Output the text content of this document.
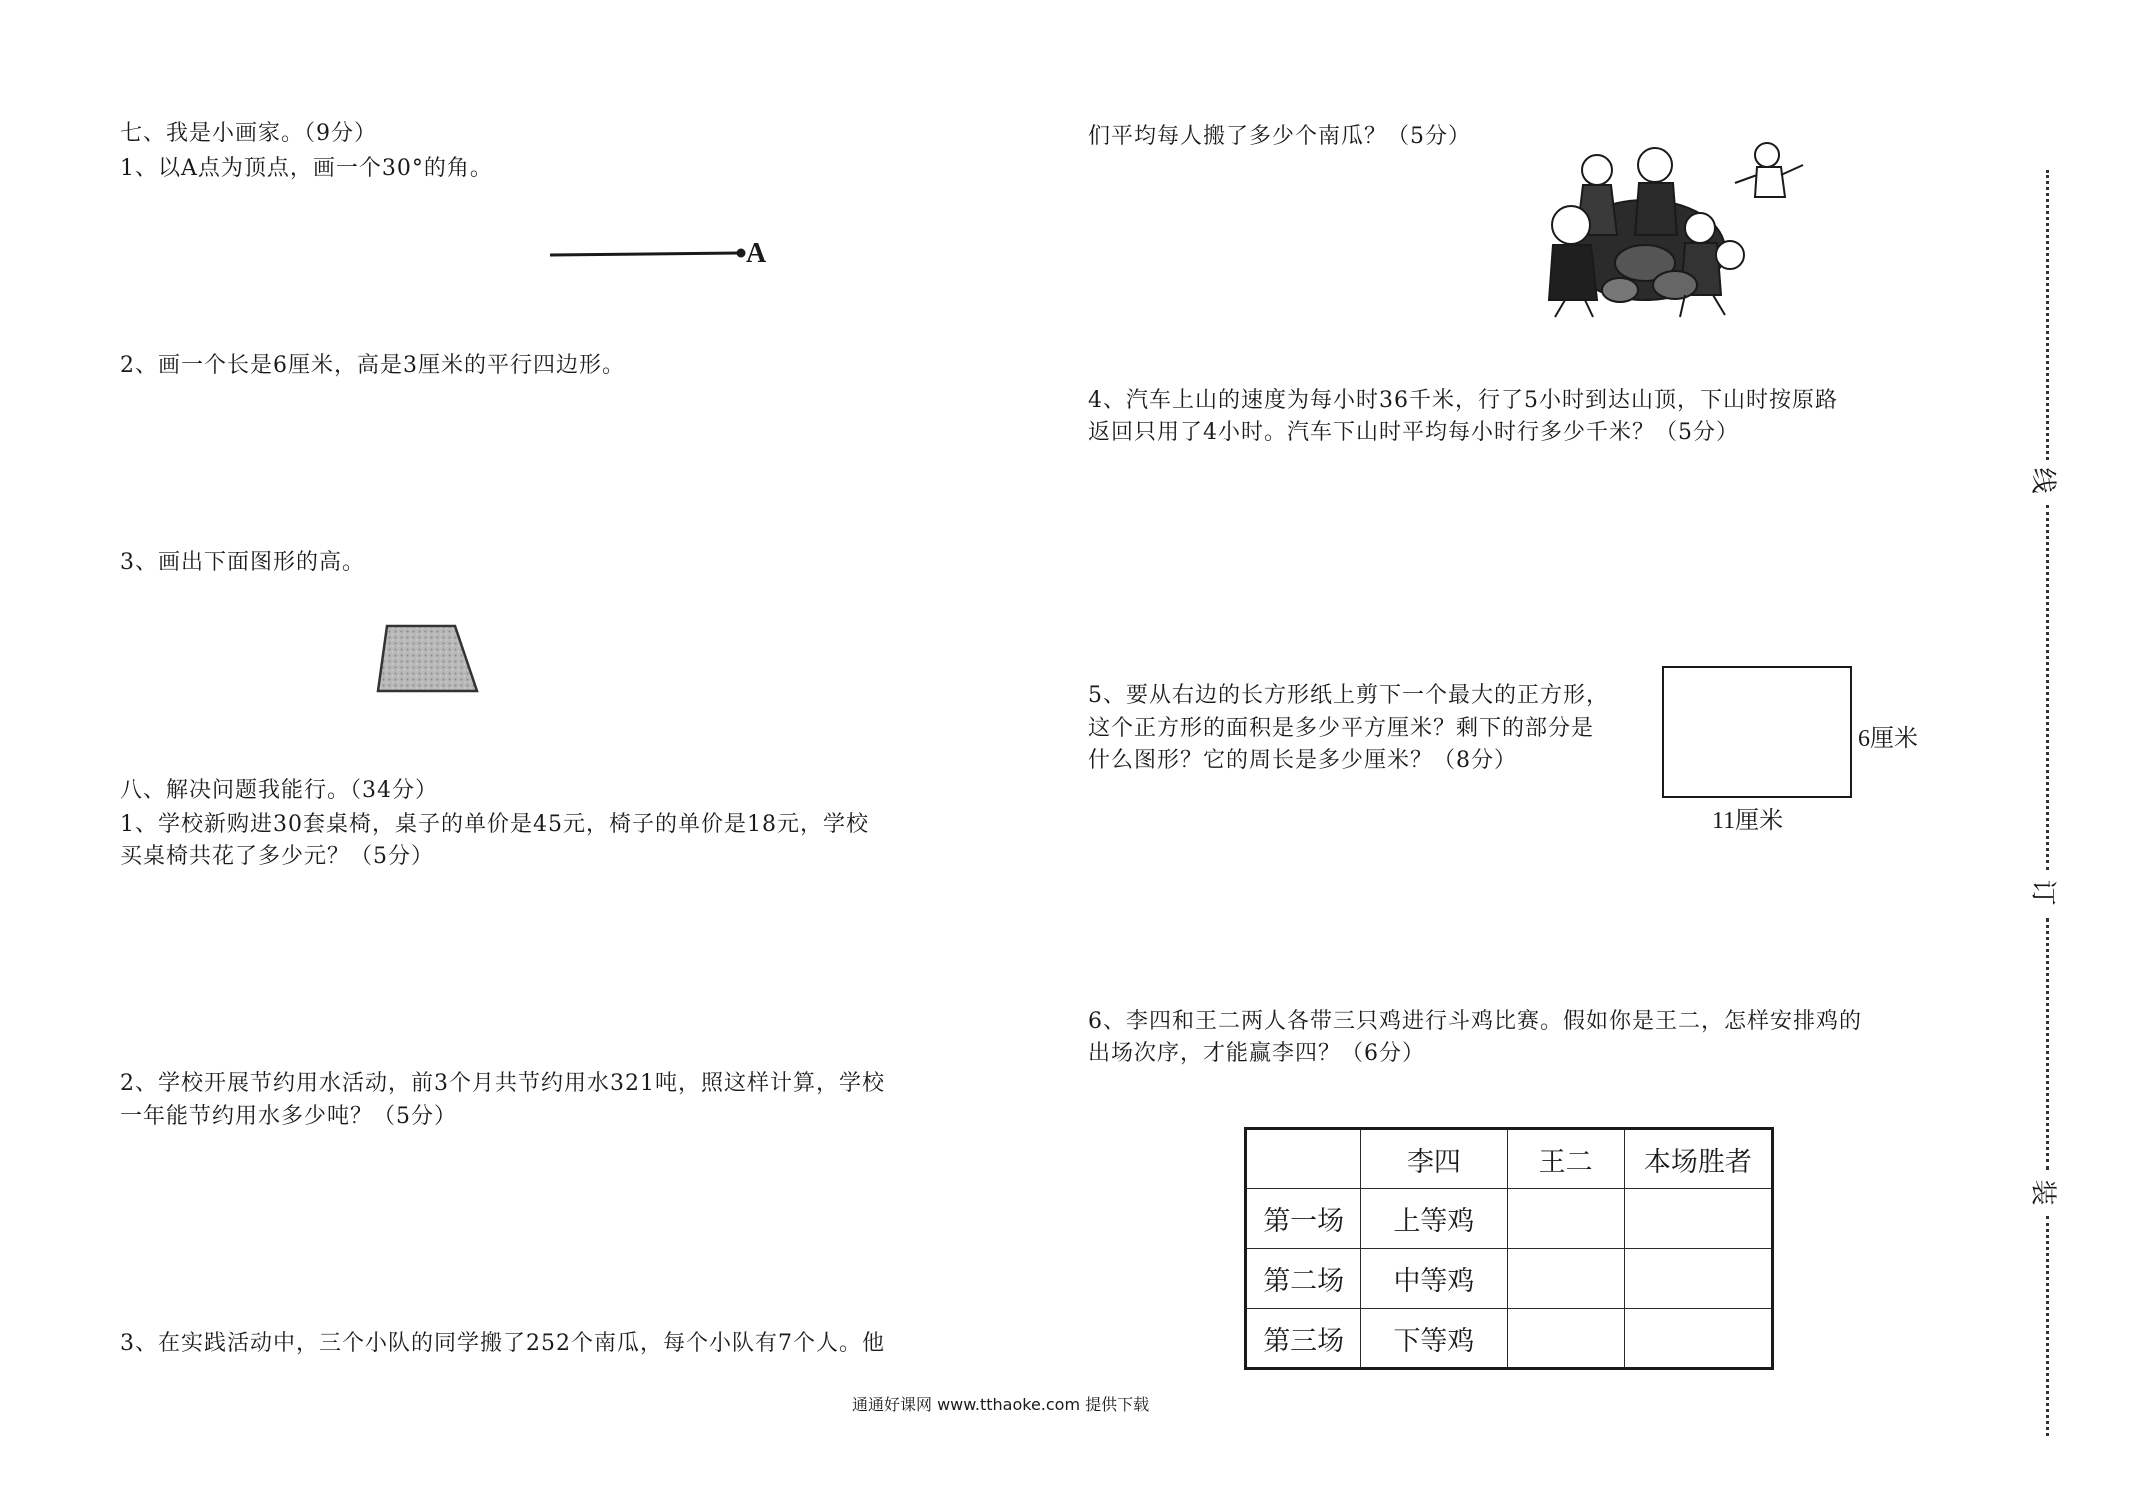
七、我是小画家。（9分）
1、以A点为顶点，画一个30°的角。
A
2、画一个长是6厘米，高是3厘米的平行四边形。
3、画出下面图形的高。
八、解决问题我能行。（34分）
1、学校新购进30套桌椅，桌子的单价是45元，椅子的单价是18元，学校
买桌椅共花了多少元？（5分）
2、学校开展节约用水活动，前3个月共节约用水321吨，照这样计算，学校
一年能节约用水多少吨？（5分）
3、在实践活动中，三个小队的同学搬了252个南瓜，每个小队有7个人。他
们平均每人搬了多少个南瓜？（5分）
4、汽车上山的速度为每小时36千米，行了5小时到达山顶，下山时按原路
返回只用了4小时。汽车下山时平均每小时行多少千米？（5分）
5、要从右边的长方形纸上剪下一个最大的正方形，
这个正方形的面积是多少平方厘米？剩下的部分是
什么图形？它的周长是多少厘米？（8分）
6厘米
11厘米
6、李四和王二两人各带三只鸡进行斗鸡比赛。假如你是王二，怎样安排鸡的
出场次序，才能赢李四？（6分）
	李四	王二	本场胜者
第一场	上等鸡		
第二场	中等鸡		
第三场	下等鸡		
通通好课网 www.tthaoke.com 提供下载
线
订
装
